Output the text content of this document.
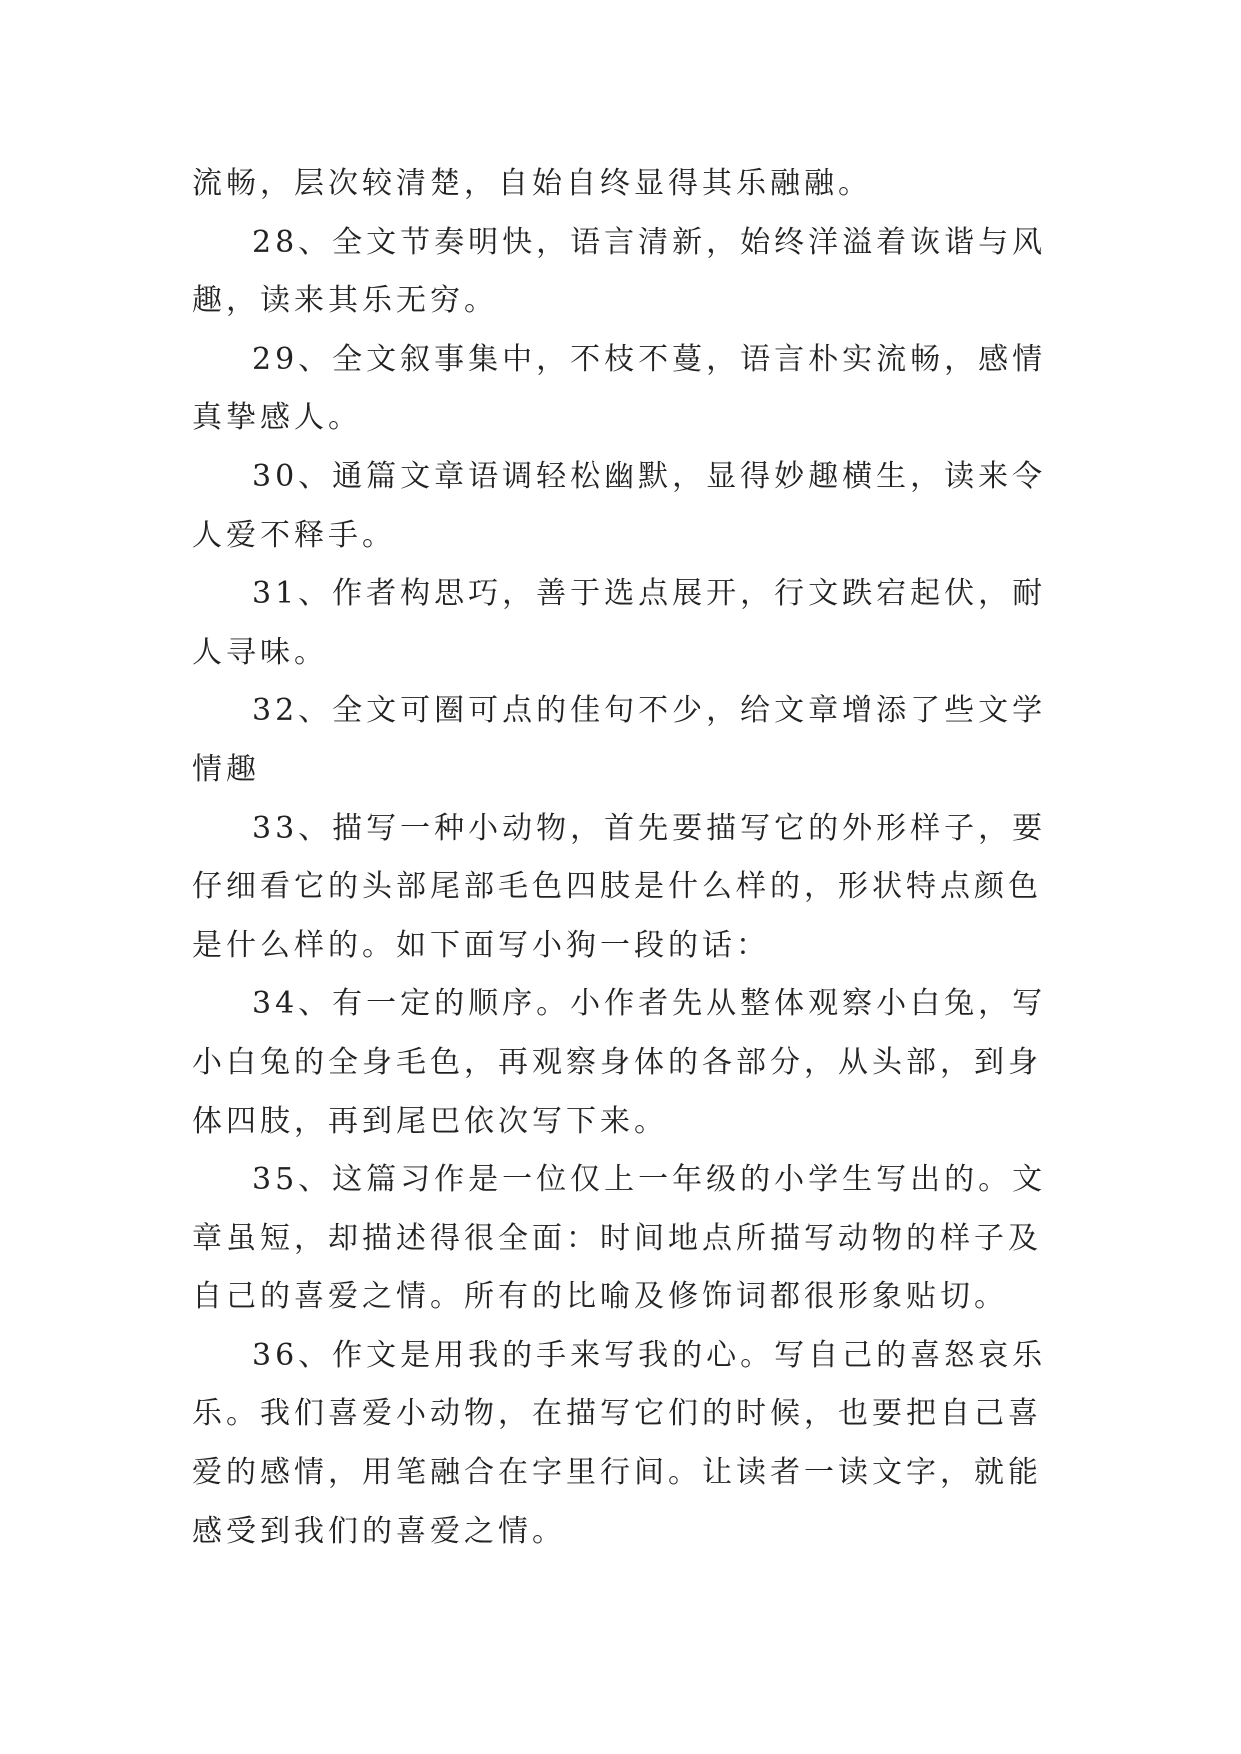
流畅，层次较清楚，自始自终显得其乐融融。

28、全文节奏明快，语言清新，始终洋溢着诙谐与风趣，读来其乐无穷。

29、全文叙事集中，不枝不蔓，语言朴实流畅，感情真挚感人。

30、通篇文章语调轻松幽默，显得妙趣横生，读来令人爱不释手。

31、作者构思巧，善于选点展开，行文跌宕起伏，耐人寻味。

32、全文可圈可点的佳句不少，给文章增添了些文学情趣

33、描写一种小动物，首先要描写它的外形样子，要仔细看它的头部尾部毛色四肢是什么样的，形状特点颜色是什么样的。如下面写小狗一段的话：

34、有一定的顺序。小作者先从整体观察小白兔，写小白兔的全身毛色，再观察身体的各部分，从头部，到身体四肢，再到尾巴依次写下来。

35、这篇习作是一位仅上一年级的小学生写出的。文章虽短，却描述得很全面：时间地点所描写动物的样子及自己的喜爱之情。所有的比喻及修饰词都很形象贴切。

36、作文是用我的手来写我的心。写自己的喜怒哀乐乐。我们喜爱小动物，在描写它们的时候，也要把自己喜爱的感情，用笔融合在字里行间。让读者一读文字，就能感受到我们的喜爱之情。
